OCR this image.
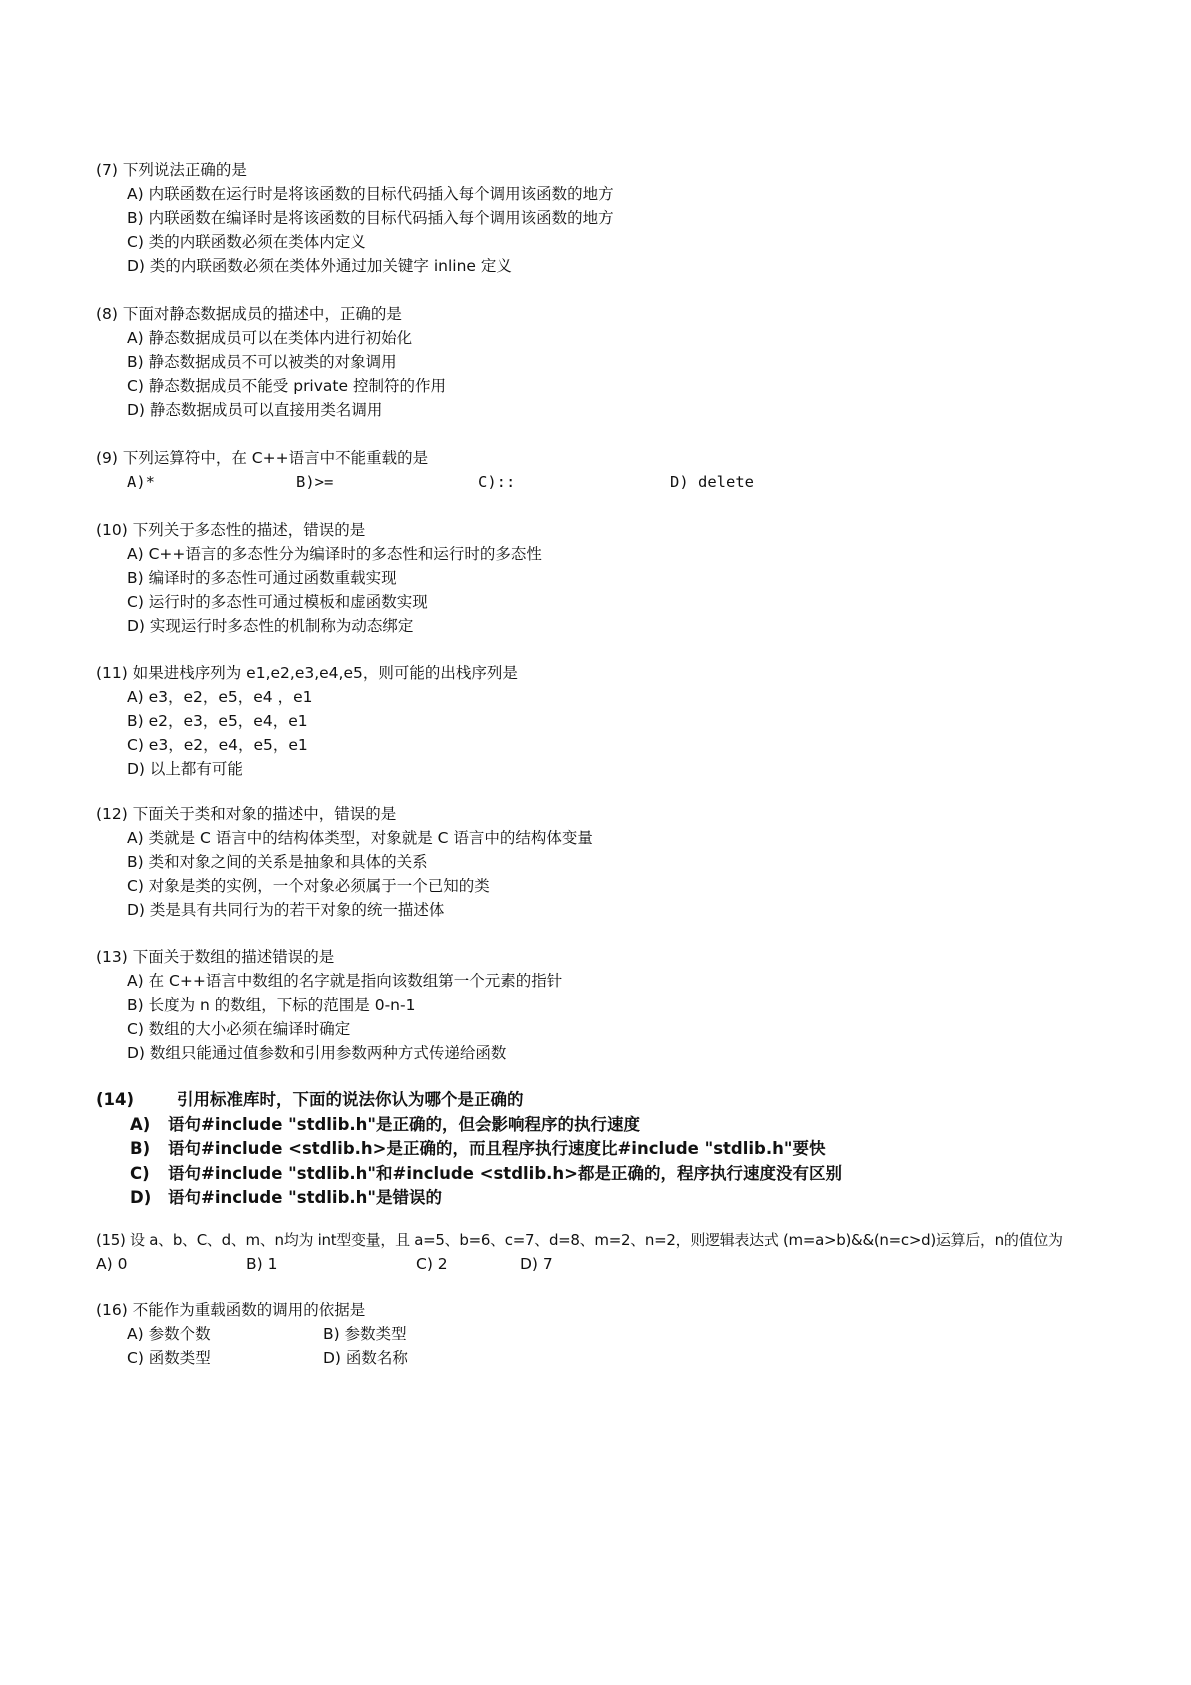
(7) 下列说法正确的是
A) 内联函数在运行时是将该函数的目标代码插入每个调用该函数的地方
B) 内联函数在编译时是将该函数的目标代码插入每个调用该函数的地方
C) 类的内联函数必须在类体内定义
D) 类的内联函数必须在类体外通过加关键字 inline 定义
(8) 下面对静态数据成员的描述中，正确的是
A) 静态数据成员可以在类体内进行初始化
B) 静态数据成员不可以被类的对象调用
C) 静态数据成员不能受 private 控制符的作用
D) 静态数据成员可以直接用类名调用
(9) 下列运算符中，在 C++语言中不能重载的是
A)*	B)>=	C)::	D) delete
(10) 下列关于多态性的描述，错误的是
A) C++语言的多态性分为编译时的多态性和运行时的多态性
B) 编译时的多态性可通过函数重载实现
C) 运行时的多态性可通过模板和虚函数实现
D) 实现运行时多态性的机制称为动态绑定
(11) 如果进栈序列为 e1,e2,e3,e4,e5，则可能的出栈序列是
A) e3，e2，e5，e4 ，e1
B) e2，e3，e5，e4，e1
C) e3，e2，e4，e5，e1
D) 以上都有可能
(12) 下面关于类和对象的描述中，错误的是
A) 类就是 C 语言中的结构体类型，对象就是 C 语言中的结构体变量
B) 类和对象之间的关系是抽象和具体的关系
C) 对象是类的实例，一个对象必须属于一个已知的类
D) 类是具有共同行为的若干对象的统一描述体
(13) 下面关于数组的描述错误的是
A) 在 C++语言中数组的名字就是指向该数组第一个元素的指针
B) 长度为 n 的数组，下标的范围是 0-n-1
C) 数组的大小必须在编译时确定
D) 数组只能通过值参数和引用参数两种方式传递给函数
(14)	引用标准库时，下面的说法你认为哪个是正确的
A) 语句#include "stdlib.h"是正确的，但会影响程序的执行速度
B) 语句#include <stdlib.h>是正确的，而且程序执行速度比#include "stdlib.h"要快
C) 语句#include "stdlib.h"和#include <stdlib.h>都是正确的，程序执行速度没有区别
D) 语句#include "stdlib.h"是错误的
(15) 设 a、b、C、d、m、n均为 int型变量，且 a=5、b=6、c=7、d=8、m=2、n=2，则逻辑表达式 (m=a>b)&&(n=c>d)运算后，n的值位为
A) 0	B) 1	C) 2	D) 7
(16) 不能作为重载函数的调用的依据是
A) 参数个数	B) 参数类型
C) 函数类型	D) 函数名称
